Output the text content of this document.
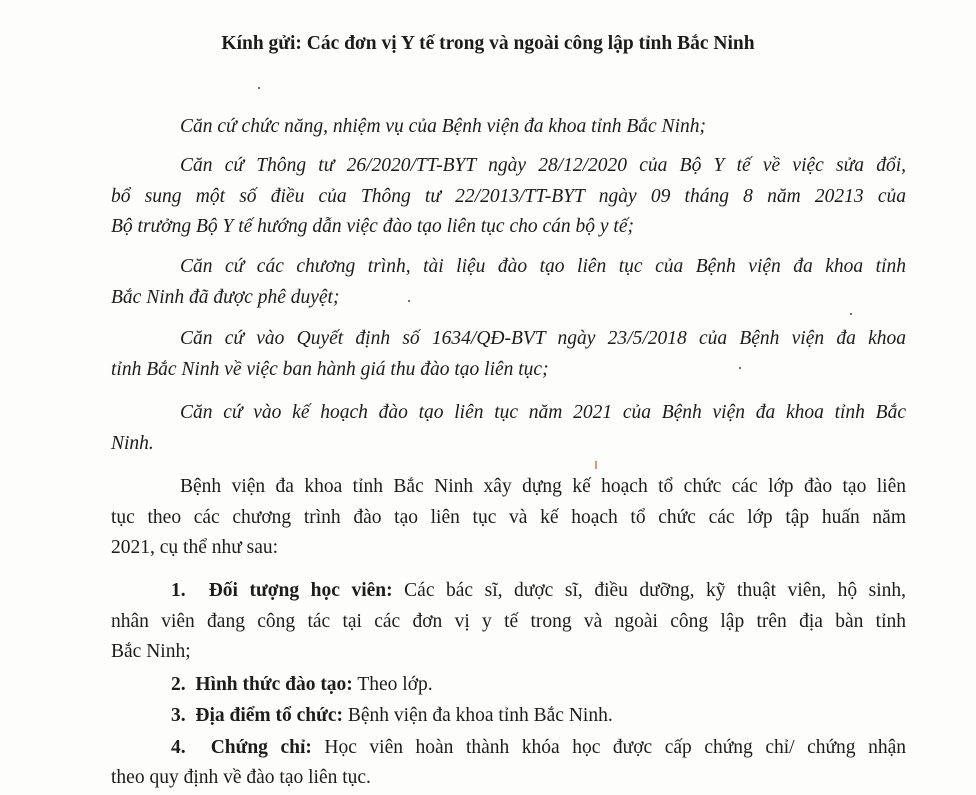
Kính gửi: Các đơn vị Y tế trong và ngoài công lập tỉnh Bắc Ninh
Căn cứ chức năng, nhiệm vụ của Bệnh viện đa khoa tỉnh Bắc Ninh;
Căn cứ Thông tư 26/2020/TT-BYT ngày 28/12/2020 của Bộ Y tế về việc sửa đổi,
bổ sung một số điều của Thông tư 22/2013/TT-BYT ngày 09 tháng 8 năm 20213 của
Bộ trưởng Bộ Y tế hướng dẫn việc đào tạo liên tục cho cán bộ y tế;
Căn cứ các chương trình, tài liệu đào tạo liên tục của Bệnh viện đa khoa tỉnh
Bắc Ninh đã được phê duyệt;
Căn cứ vào Quyết định số 1634/QĐ-BVT ngày 23/5/2018 của Bệnh viện đa khoa
tỉnh Bắc Ninh về việc ban hành giá thu đào tạo liên tục;
Căn cứ vào kế hoạch đào tạo liên tục năm 2021 của Bệnh viện đa khoa tỉnh Bắc
Ninh.
Bệnh viện đa khoa tỉnh Bắc Ninh xây dựng kế hoạch tổ chức các lớp đào tạo liên
tục theo các chương trình đào tạo liên tục và kế hoạch tổ chức các lớp tập huấn năm
2021, cụ thể như sau:
1. Đối tượng học viên: Các bác sĩ, dược sĩ, điều dưỡng, kỹ thuật viên, hộ sinh,
nhân viên đang công tác tại các đơn vị y tế trong và ngoài công lập trên địa bàn tỉnh
Bắc Ninh;
2. Hình thức đào tạo: Theo lớp.
3. Địa điểm tổ chức: Bệnh viện đa khoa tỉnh Bắc Ninh.
4. Chứng chỉ: Học viên hoàn thành khóa học được cấp chứng chỉ/ chứng nhận
theo quy định về đào tạo liên tục.
